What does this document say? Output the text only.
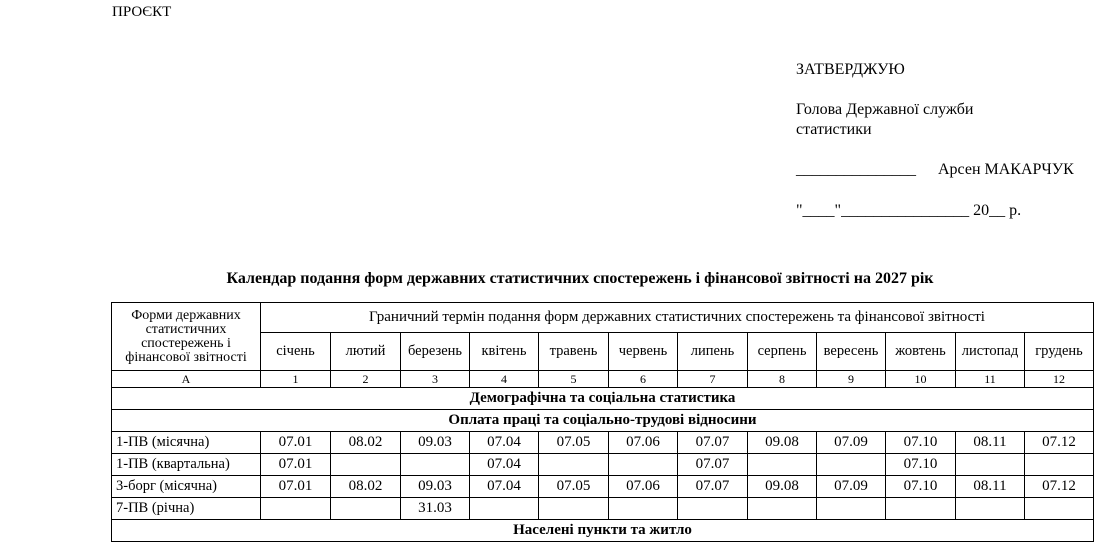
ПРОЄКТ
ЗАТВЕРДЖУЮ
Голова Державної служби
статистики
_______________ Арсен МАКАРЧУК
"____"________________ 20__ р.
Календар подання форм державних статистичних спостережень і фінансової звітності на 2027 рік
Форми державних
статистичних
спостережень і
фінансової звітності	Граничний термін подання форм державних статистичних спостережень та фінансової звітності											
	січень	лютий	березень	квітень	травень	червень	липень	серпень	вересень	жовтень	листопад	грудень
А	1	2	3	4	5	6	7	8	9	10	11	12
Демографічна та соціальна статистика												
Оплата праці та соціально-трудові відносини												
1-ПВ (місячна)	07.01	08.02	09.03	07.04	07.05	07.06	07.07	09.08	07.09	07.10	08.11	07.12
1-ПВ (квартальна)	07.01			07.04			07.07			07.10		
3-борг (місячна)	07.01	08.02	09.03	07.04	07.05	07.06	07.07	09.08	07.09	07.10	08.11	07.12
7-ПВ (річна)			31.03									
Населені пункти та житло												
